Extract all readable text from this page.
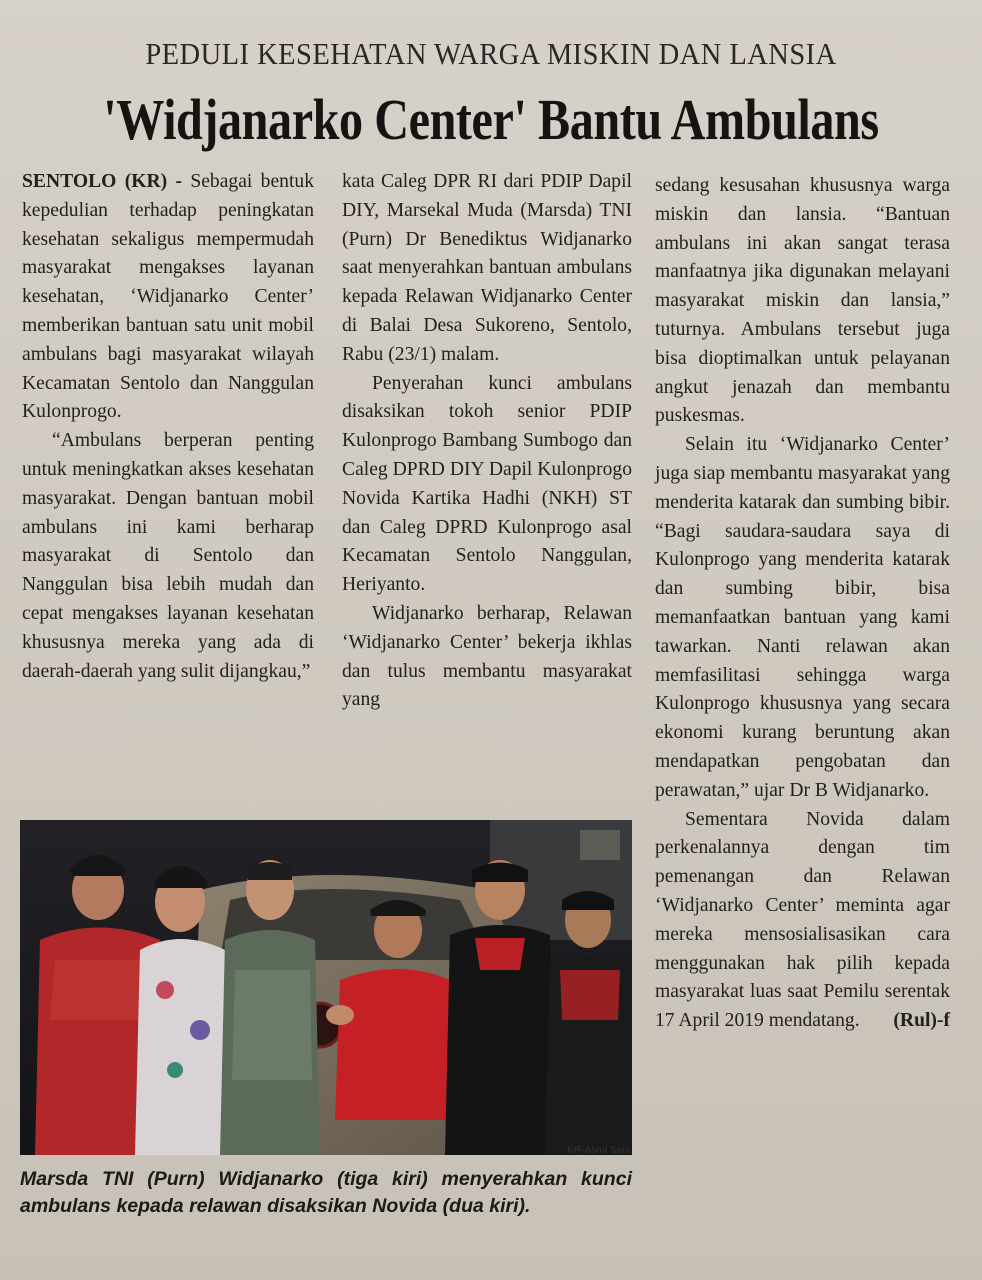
PEDULI KESEHATAN WARGA MISKIN DAN LANSIA
'Widjanarko Center' Bantu Ambulans

SENTOLO (KR) - Sebagai bentuk kepedulian terhadap peningkatan kesehatan sekaligus mempermudah masyarakat mengakses layanan kesehatan, ‘Widjanarko Center’ memberikan bantuan satu unit mobil ambulans bagi masyarakat wilayah Kecamatan Sentolo dan Nanggulan Kulonprogo.

“Ambulans berperan penting untuk meningkatkan akses kesehatan masyarakat. Dengan bantuan mobil ambulans ini kami berharap masyarakat di Sentolo dan Nanggulan bisa lebih mudah dan cepat mengakses layanan kesehatan khususnya mereka yang ada di daerah-daerah yang sulit dijangkau,”

kata Caleg DPR RI dari PDIP Dapil DIY, Marsekal Muda (Marsda) TNI (Purn) Dr Benediktus Widjanarko saat menyerahkan bantuan ambulans kepada Relawan Widjanarko Center di Balai Desa Sukoreno, Sentolo, Rabu (23/1) malam.

Penyerahan kunci ambulans disaksikan tokoh senior PDIP Kulonprogo Bambang Sumbogo dan Caleg DPRD DIY Dapil Kulonprogo Novida Kartika Hadhi (NKH) ST dan Caleg DPRD Kulonprogo asal Kecamatan Sentolo Nanggulan, Heriyanto.

Widjanarko berharap, Relawan ‘Widjanarko Center’ bekerja ikhlas dan tulus membantu masyarakat yang

sedang kesusahan khususnya warga miskin dan lansia. “Bantuan ambulans ini akan sangat terasa manfaatnya jika digunakan melayani masyarakat miskin dan lansia,” tuturnya. Ambulans tersebut juga bisa dioptimalkan untuk pelayanan angkut jenazah dan membantu puskesmas.

Selain itu ‘Widjanarko Center’ juga siap membantu masyarakat yang menderita katarak dan sumbing bibir. “Bagi saudara-saudara saya di Kulonprogo yang menderita katarak dan sumbing bibir, bisa memanfaatkan bantuan yang kami tawarkan. Nanti relawan akan memfasilitasi sehingga warga Kulonprogo khususnya yang secara ekonomi kurang beruntung akan mendapatkan pengobatan dan perawatan,” ujar Dr B Widjanarko.

Sementara Novida dalam perkenalannya dengan tim pemenangan dan Relawan ‘Widjanarko Center’ meminta agar mereka mensosialisasikan cara menggunakan hak pilih kepada masyarakat luas saat Pemilu serentak 17 April 2019 mendatang. (Rul)-f

KR-Asrul Sani
Marsda TNI (Purn) Widjanarko (tiga kiri) menyerahkan kunci ambulans kepada relawan disaksikan Novida (dua kiri).
